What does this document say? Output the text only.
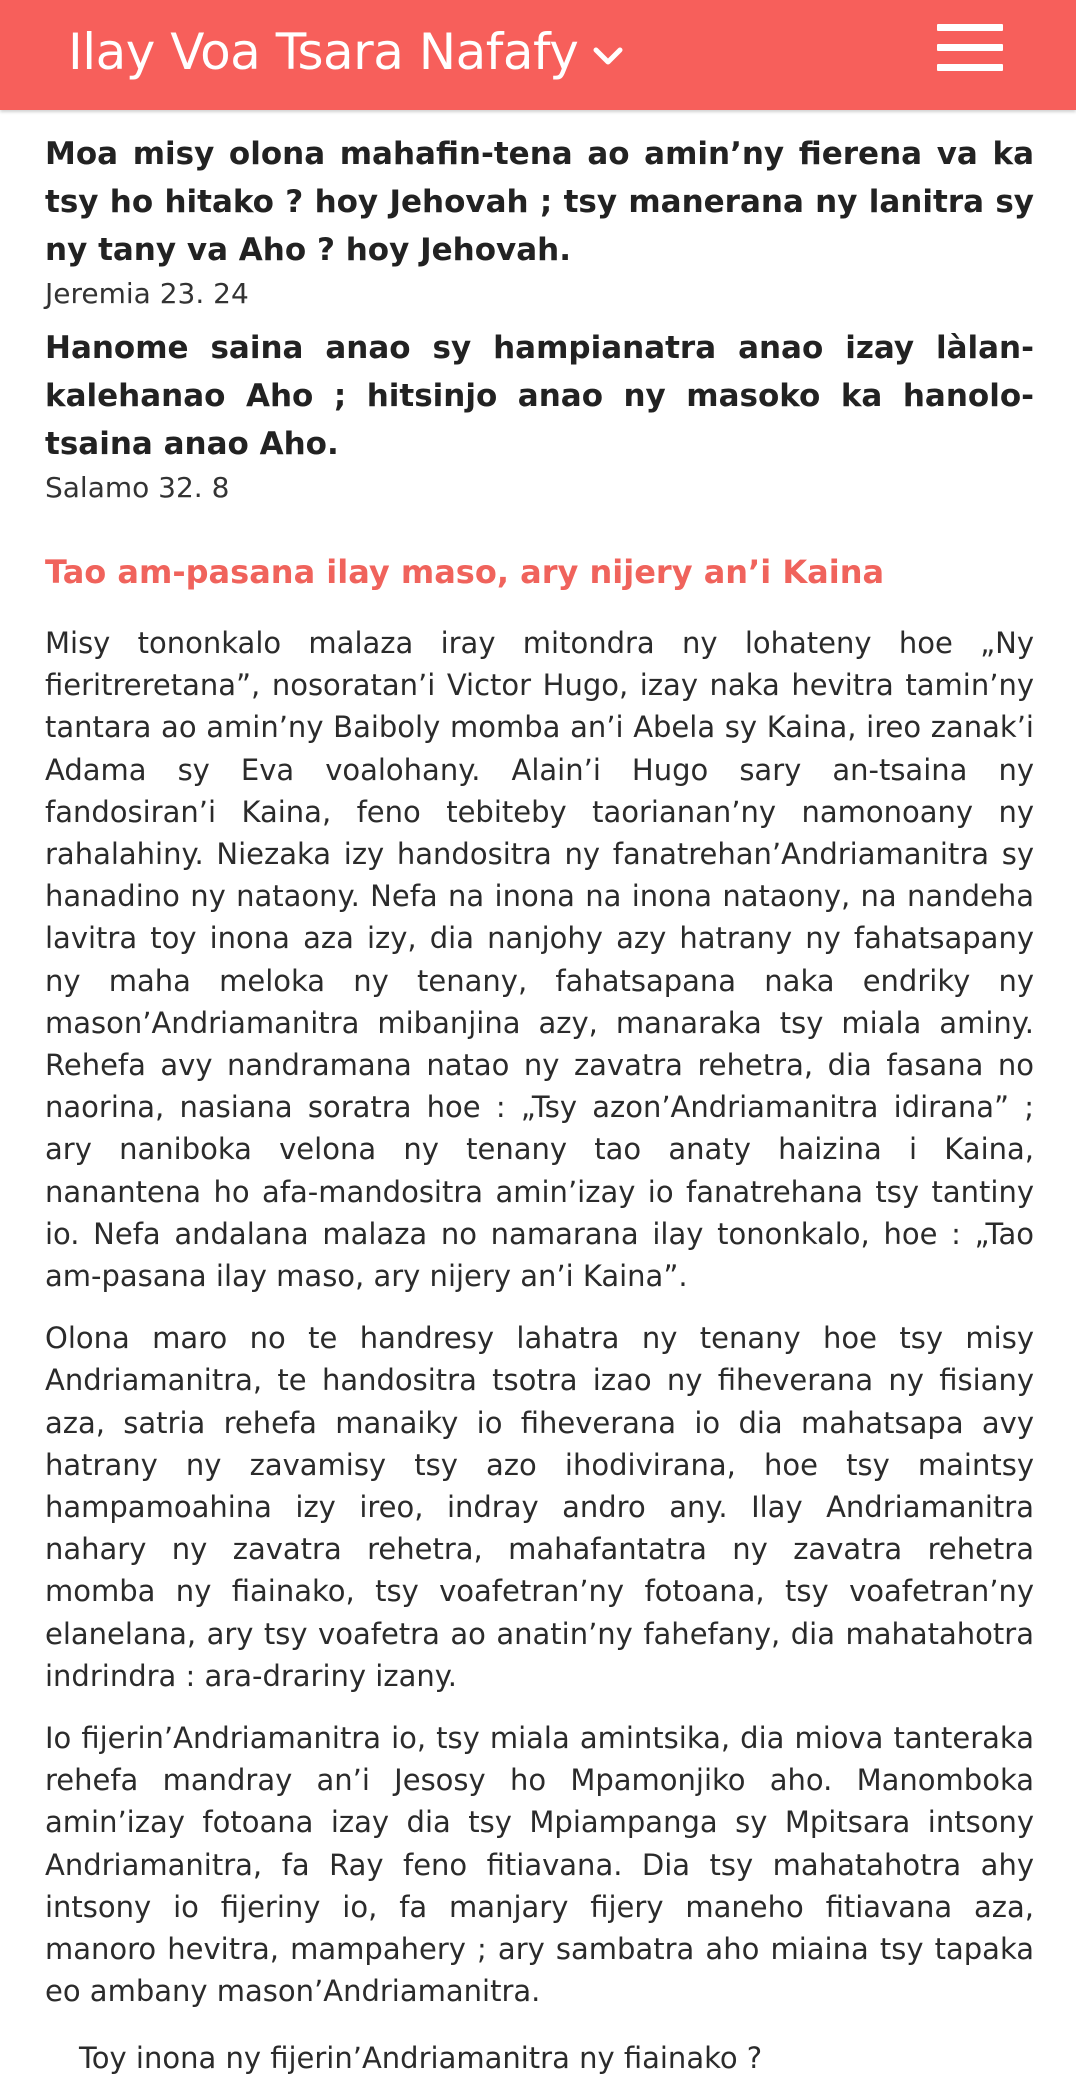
Ilay Voa Tsara Nafafy
Moa misy olona mahafin-tena ao amin’ny fierena va ka tsy ho hitako ? hoy Jehovah ; tsy manerana ny lanitra sy ny tany va Aho ? hoy Jehovah.
Jeremia 23. 24
Hanome saina anao sy hampianatra anao izay làlan-kalehanao Aho ; hitsinjo anao ny masoko ka hanolo-tsaina anao Aho.
Salamo 32. 8
Tao am-pasana ilay maso, ary nijery an’i Kaina

Misy tononkalo malaza iray mitondra ny lohateny hoe „Ny fieritreretana”, nosoratan’i Victor Hugo, izay naka hevitra tamin’ny tantara ao amin’ny Baiboly momba an’i Abela sy Kaina, ireo zanak’i Adama sy Eva voalohany. Alain’i Hugo sary an-tsaina ny fandosiran’i Kaina, feno tebiteby taorianan’ny namonoany ny rahalahiny. Niezaka izy handositra ny fanatrehan’Andriamanitra sy hanadino ny nataony. Nefa na inona na inona nataony, na nandeha lavitra toy inona aza izy, dia nanjohy azy hatrany ny fahatsapany ny maha meloka ny tenany, fahatsapana naka endriky ny mason’Andriamanitra mibanjina azy, manaraka tsy miala aminy. Rehefa avy nandramana natao ny zavatra rehetra, dia fasana no naorina, nasiana soratra hoe : „Tsy azon’Andriamanitra idirana” ; ary naniboka velona ny tenany tao anaty haizina i Kaina, nanantena ho afa-mandositra amin’izay io fanatrehana tsy tantiny io. Nefa andalana malaza no namarana ilay tononkalo, hoe : „Tao am-pasana ilay maso, ary nijery an’i Kaina”.

Olona maro no te handresy lahatra ny tenany hoe tsy misy Andriamanitra, te handositra tsotra izao ny fiheverana ny fisiany aza, satria rehefa manaiky io fiheverana io dia mahatsapa avy hatrany ny zavamisy tsy azo ihodivirana, hoe tsy maintsy hampamoahina izy ireo, indray andro any. Ilay Andriamanitra nahary ny zavatra rehetra, mahafantatra ny zavatra rehetra momba ny fiainako, tsy voafetran’ny fotoana, tsy voafetran’ny elanelana, ary tsy voafetra ao anatin’ny fahefany, dia mahatahotra indrindra : ara-drariny izany.

Io fijerin’Andriamanitra io, tsy miala amintsika, dia miova tanteraka rehefa mandray an’i Jesosy ho Mpamonjiko aho. Manomboka amin’izay fotoana izay dia tsy Mpiampanga sy Mpitsara intsony Andriamanitra, fa Ray feno fitiavana. Dia tsy mahatahotra ahy intsony io fijeriny io, fa manjary fijery maneho fitiavana aza, manoro hevitra, mampahery ; ary sambatra aho miaina tsy tapaka eo ambany mason’Andriamanitra.

Toy inona ny fijerin’Andriamanitra ny fiainako ?
